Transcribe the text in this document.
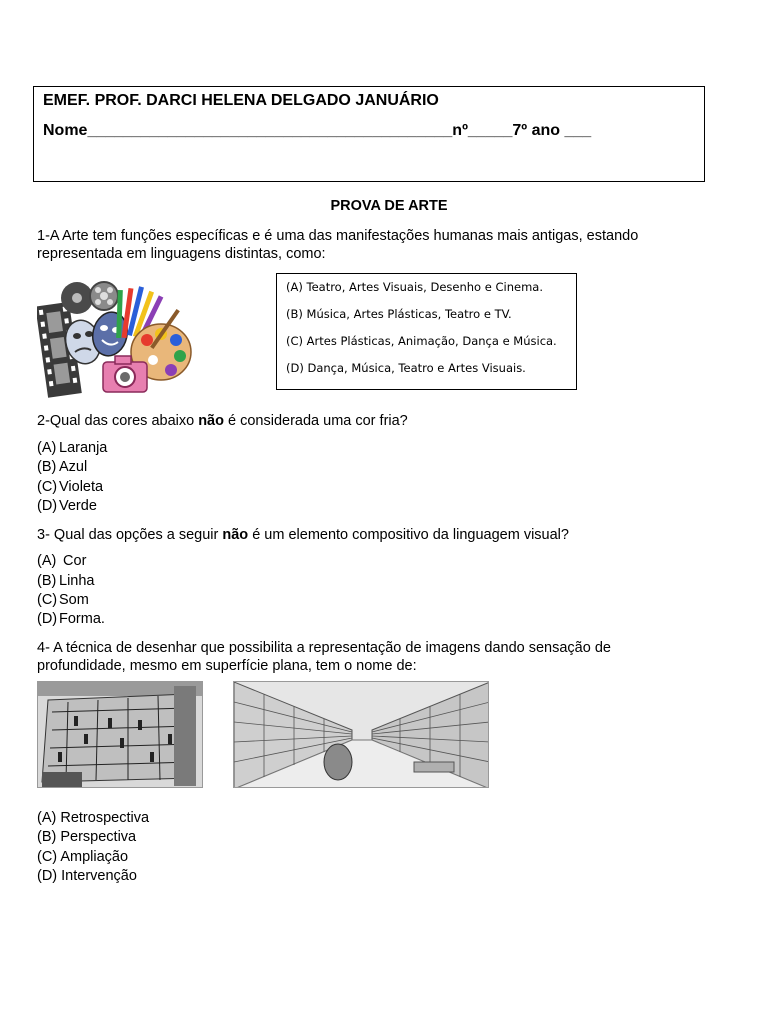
EMEF. PROF. DARCI HELENA DELGADO JANUÁRIO
Nome_________________________________________nº_____7º ano ___
PROVA DE ARTE
1-A Arte tem funções específicas e é uma das manifestações humanas mais antigas, estando
representada em linguagens distintas, como:
(A) Teatro, Artes Visuais, Desenho e Cinema.
(B) Música, Artes Plásticas, Teatro e TV.
(C) Artes Plásticas, Animação, Dança e Música.
(D) Dança, Música, Teatro e Artes Visuais.
2-Qual das cores abaixo não é considerada uma cor fria?
(A) Laranja
(B) Azul
(C) Violeta
(D) Verde
3- Qual das opções a seguir não é um elemento compositivo da linguagem visual?
(A) Cor
(B) Linha
(C) Som
(D) Forma.
4- A técnica de desenhar que possibilita a representação de imagens dando sensação de
profundidade, mesmo em superfície plana, tem o nome de:
(A) Retrospectiva
(B) Perspectiva
(C) Ampliação
(D) Intervenção
